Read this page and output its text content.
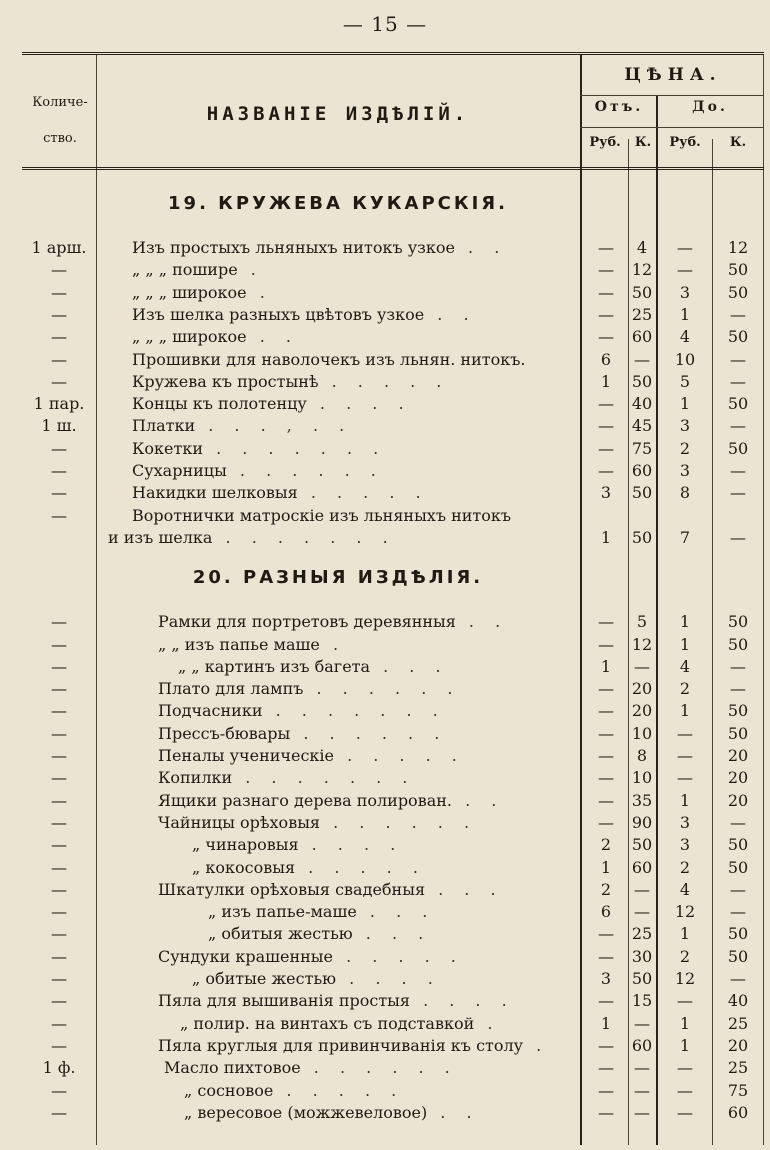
— 15 —
Количе-
ство.
НАЗВАНІЕ ИЗДѢЛІЙ.
ЦѢНА.
Отъ.	До.
Руб.	К.	Руб.	К.
19. КРУЖЕВА КУКАРСКІЯ.
1 арш.	Изъ простыхъ льняныхъ нитокъ узкое . .	—	4	—	12
—	„ „ „ пошире .	—	12	—	50
—	„ „ „ широкое .	—	50	3	50
—	Изъ шелка разныхъ цвѣтовъ узкое . .	—	25	1	—
—	„ „ „ широкое . .	—	60	4	50
—	Прошивки для наволочекъ изъ льнян. нитокъ.	6	—	10	—
—	Кружева къ простынѣ . . . . .	1	50	5	—
1 пар.	Концы къ полотенцу . . . .	—	40	1	50
1 ш.	Платки . . . , . .	—	45	3	—
—	Кокетки . . . . . . .	—	75	2	50
—	Сухарницы . . . . . .	—	60	3	—
—	Накидки шелковыя . . . . .	3	50	8	—
—	Воротнички матроскіе изъ льняныхъ нитокъ
и изъ шелка . . . . . . .	1	50	7	—
20. РАЗНЫЯ ИЗДѢЛІЯ.
—	Рамки для портретовъ деревянныя . .	—	5	1	50
—	„ „ изъ папье маше .	—	12	1	50
—	„ „ картинъ изъ багета . . .	1	—	4	—
—	Плато для лампъ . . . . . .	—	20	2	—
—	Подчасники . . . . . . .	—	20	1	50
—	Прессъ-бювары . . . . . .	—	10	—	50
—	Пеналы ученическіе . . . . .	—	8	—	20
—	Копилки . . . . . . .	—	10	—	20
—	Ящики разнаго дерева полирован. . .	—	35	1	20
—	Чайницы орѣховыя . . . . . .	—	90	3	—
—	„ чинаровыя . . . .	2	50	3	50
—	„ кокосовыя . . . . .	1	60	2	50
—	Шкатулки орѣховыя свадебныя . . .	2	—	4	—
—	„ изъ папье-маше . . .	6	—	12	—
—	„ обитыя жестью . . .	—	25	1	50
—	Сундуки крашенные . . . . .	—	30	2	50
—	„ обитые жестью . . . .	3	50	12	—
—	Пяла для вышиванія простыя . . . .	—	15	—	40
—	„ полир. на винтахъ съ подставкой .	1	—	1	25
—	Пяла круглыя для привинчиванія къ столу .	—	60	1	20
1 ф.	Масло пихтовое . . . . . .	—	—	—	25
—	„ сосновое . . . . .	—	—	—	75
—	„ вересовое (можжевеловое) . .	—	—	—	60
